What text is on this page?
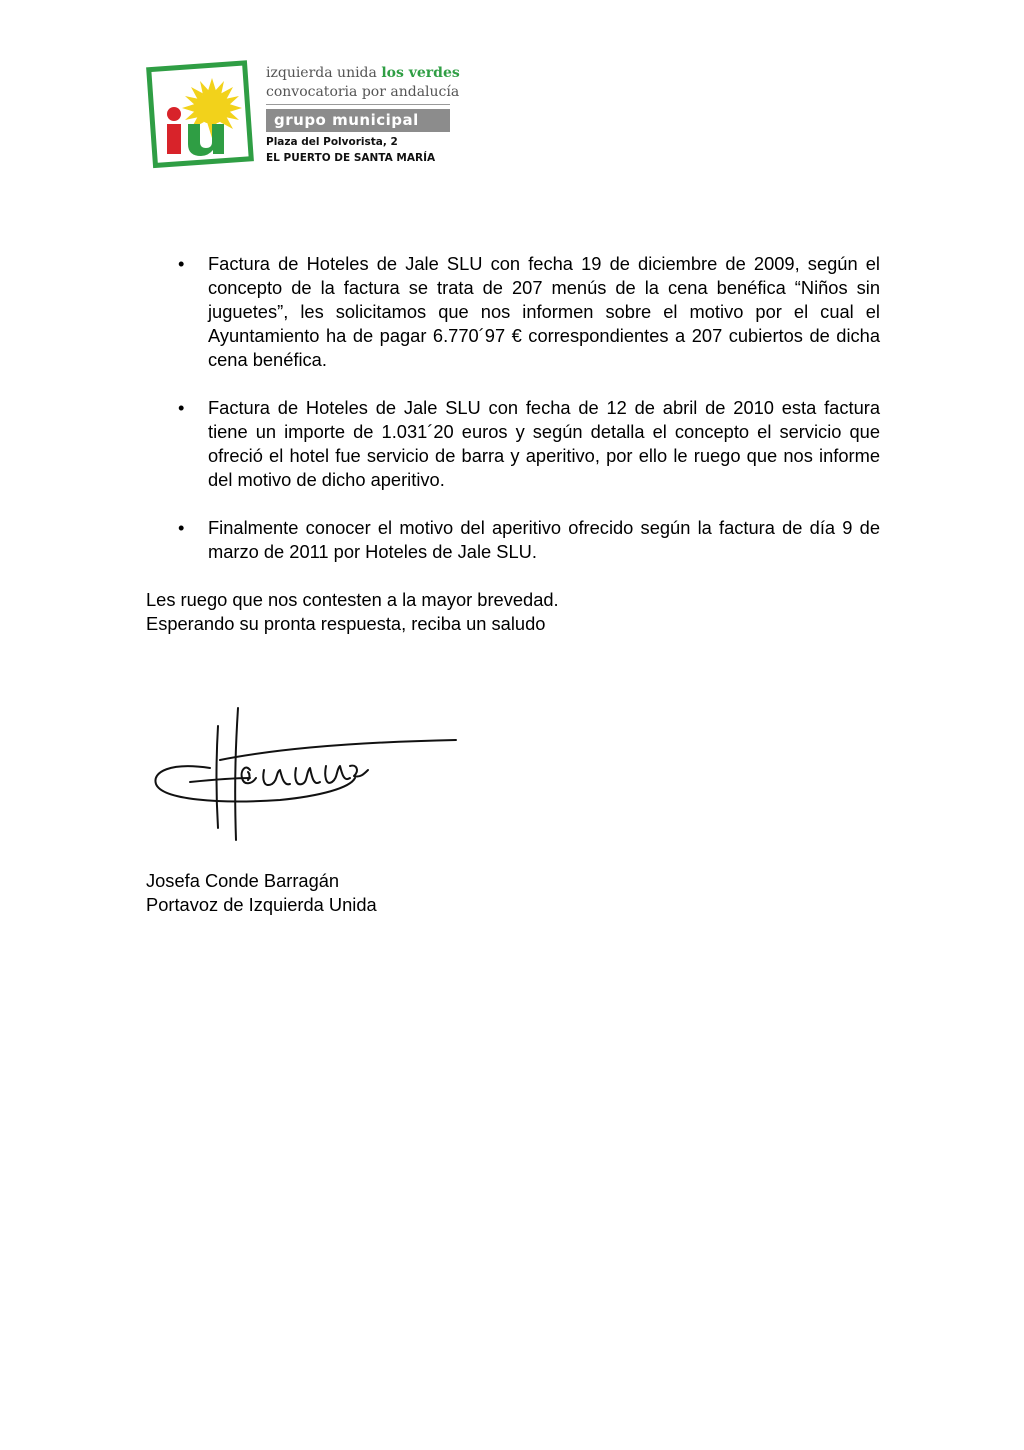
izquierda unida los verdes
convocatoria por andalucía
grupo municipal
Plaza del Polvorista, 2
EL PUERTO DE SANTA MARÍA
•	Factura de Hoteles de Jale SLU con fecha 19 de diciembre de 2009, según el concepto de la factura se trata de 207 menús de la cena benéfica “Niños sin juguetes”, les solicitamos que nos informen sobre el motivo por el cual el Ayuntamiento ha de pagar 6.770´97 € correspondientes a 207 cubiertos de dicha cena benéfica.
•	Factura de Hoteles de Jale SLU con fecha de 12 de abril de 2010 esta factura tiene un importe de 1.031´20 euros y según detalla el concepto el servicio que ofreció el hotel fue servicio de barra y aperitivo, por ello le ruego que nos informe del motivo de dicho aperitivo.
•	Finalmente conocer el motivo del aperitivo ofrecido según la factura de día 9 de marzo de 2011 por Hoteles de Jale SLU.

Les ruego que nos contesten a la mayor brevedad.

Esperando su pronta respuesta, reciba un saludo

Josefa Conde Barragán

Portavoz de Izquierda Unida
